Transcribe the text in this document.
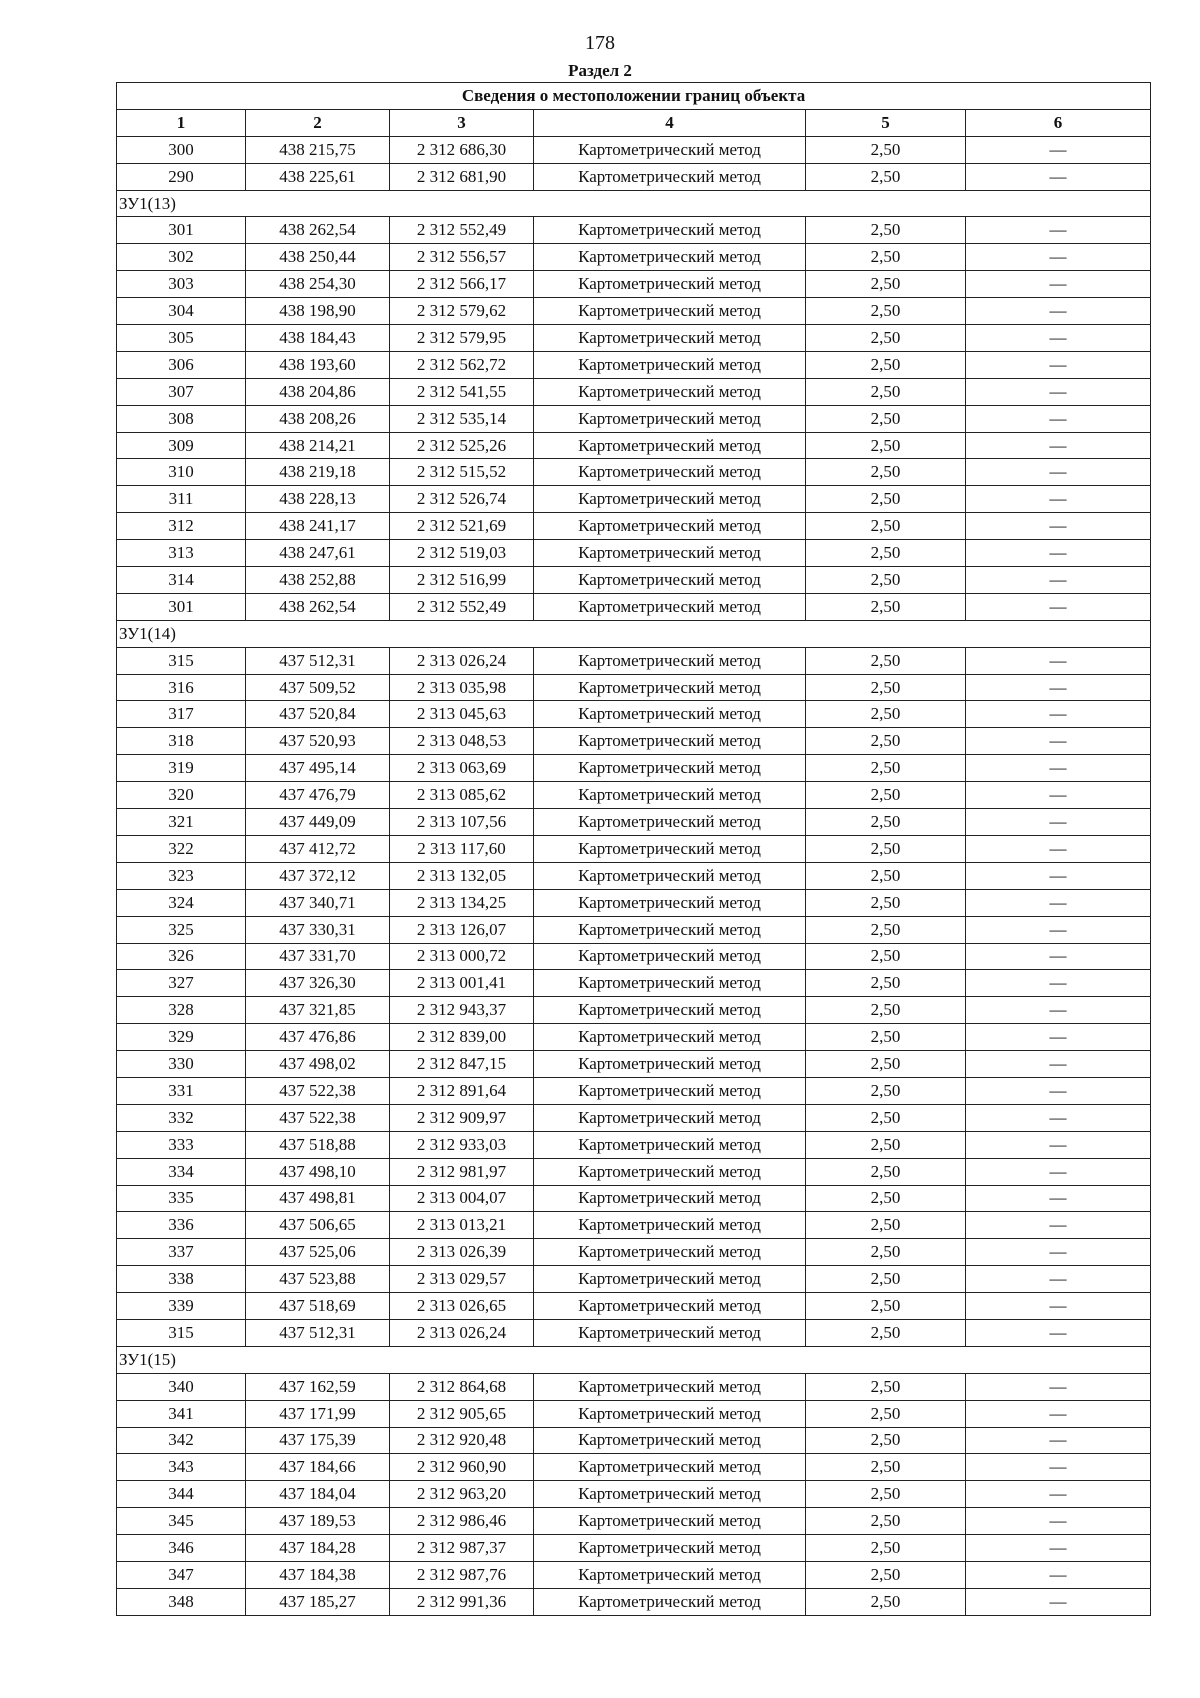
178
Раздел 2
Сведения о местоположении границ объекта					
1	2	3	4	5	6
300	438 215,75	2 312 686,30	Картометрический метод	2,50	—
290	438 225,61	2 312 681,90	Картометрический метод	2,50	—
ЗУ1(13)					
301	438 262,54	2 312 552,49	Картометрический метод	2,50	—
302	438 250,44	2 312 556,57	Картометрический метод	2,50	—
303	438 254,30	2 312 566,17	Картометрический метод	2,50	—
304	438 198,90	2 312 579,62	Картометрический метод	2,50	—
305	438 184,43	2 312 579,95	Картометрический метод	2,50	—
306	438 193,60	2 312 562,72	Картометрический метод	2,50	—
307	438 204,86	2 312 541,55	Картометрический метод	2,50	—
308	438 208,26	2 312 535,14	Картометрический метод	2,50	—
309	438 214,21	2 312 525,26	Картометрический метод	2,50	—
310	438 219,18	2 312 515,52	Картометрический метод	2,50	—
311	438 228,13	2 312 526,74	Картометрический метод	2,50	—
312	438 241,17	2 312 521,69	Картометрический метод	2,50	—
313	438 247,61	2 312 519,03	Картометрический метод	2,50	—
314	438 252,88	2 312 516,99	Картометрический метод	2,50	—
301	438 262,54	2 312 552,49	Картометрический метод	2,50	—
ЗУ1(14)					
315	437 512,31	2 313 026,24	Картометрический метод	2,50	—
316	437 509,52	2 313 035,98	Картометрический метод	2,50	—
317	437 520,84	2 313 045,63	Картометрический метод	2,50	—
318	437 520,93	2 313 048,53	Картометрический метод	2,50	—
319	437 495,14	2 313 063,69	Картометрический метод	2,50	—
320	437 476,79	2 313 085,62	Картометрический метод	2,50	—
321	437 449,09	2 313 107,56	Картометрический метод	2,50	—
322	437 412,72	2 313 117,60	Картометрический метод	2,50	—
323	437 372,12	2 313 132,05	Картометрический метод	2,50	—
324	437 340,71	2 313 134,25	Картометрический метод	2,50	—
325	437 330,31	2 313 126,07	Картометрический метод	2,50	—
326	437 331,70	2 313 000,72	Картометрический метод	2,50	—
327	437 326,30	2 313 001,41	Картометрический метод	2,50	—
328	437 321,85	2 312 943,37	Картометрический метод	2,50	—
329	437 476,86	2 312 839,00	Картометрический метод	2,50	—
330	437 498,02	2 312 847,15	Картометрический метод	2,50	—
331	437 522,38	2 312 891,64	Картометрический метод	2,50	—
332	437 522,38	2 312 909,97	Картометрический метод	2,50	—
333	437 518,88	2 312 933,03	Картометрический метод	2,50	—
334	437 498,10	2 312 981,97	Картометрический метод	2,50	—
335	437 498,81	2 313 004,07	Картометрический метод	2,50	—
336	437 506,65	2 313 013,21	Картометрический метод	2,50	—
337	437 525,06	2 313 026,39	Картометрический метод	2,50	—
338	437 523,88	2 313 029,57	Картометрический метод	2,50	—
339	437 518,69	2 313 026,65	Картометрический метод	2,50	—
315	437 512,31	2 313 026,24	Картометрический метод	2,50	—
ЗУ1(15)					
340	437 162,59	2 312 864,68	Картометрический метод	2,50	—
341	437 171,99	2 312 905,65	Картометрический метод	2,50	—
342	437 175,39	2 312 920,48	Картометрический метод	2,50	—
343	437 184,66	2 312 960,90	Картометрический метод	2,50	—
344	437 184,04	2 312 963,20	Картометрический метод	2,50	—
345	437 189,53	2 312 986,46	Картометрический метод	2,50	—
346	437 184,28	2 312 987,37	Картометрический метод	2,50	—
347	437 184,38	2 312 987,76	Картометрический метод	2,50	—
348	437 185,27	2 312 991,36	Картометрический метод	2,50	—
